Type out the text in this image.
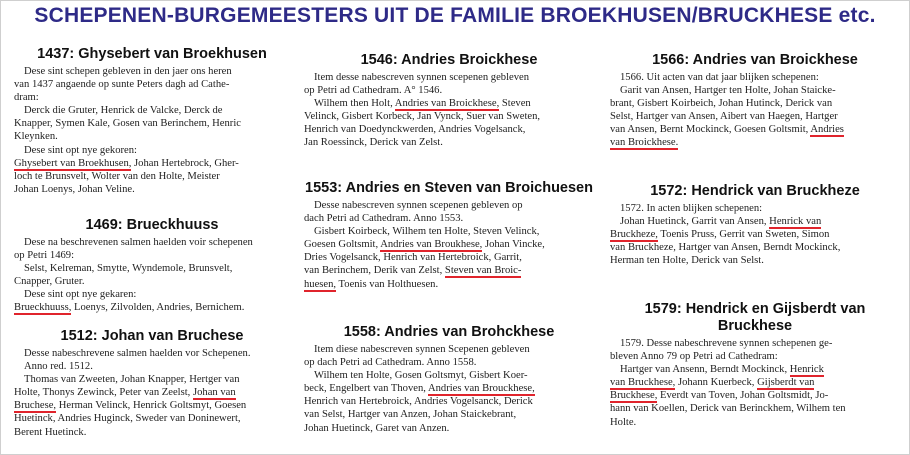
SCHEPENEN-BURGEMEESTERS UIT DE FAMILIE BROEKHUSEN/BRUCKHESE etc.
1437: Ghysebert van Broekhusen

Dese sint schepen gebleven in den jaer ons heren

van 1437 angaende op sunte Peters dagh ad Cathe-

dram:

Derck die Gruter, Henrick de Valcke, Derck de

Knapper, Symen Kale, Gosen van Berinchem, Henric

Kleynken.

Dese sint opt nye gekoren:

Ghysebert van Broekhusen, Johan Hertebrock, Gher-

loch te Brunsvelt, Wolter van den Holte, Meister

Johan Loenys, Johan Veline.

1469: Brueckhuuss

Dese na beschrevenen salmen haelden voir schepenen

op Petri 1469:

Selst, Kelreman, Smytte, Wyndemole, Brunsvelt,

Cnapper, Gruter.

Dese sint opt nye gekaren:

Brueckhuuss, Loenys, Zilvolden, Andries, Bernichem.

1512: Johan van Bruchese

Desse nabeschrevene salmen haelden vor Schepenen.

Anno red. 1512.

Thomas van Zweeten, Johan Knapper, Hertger van

Holte, Thonys Zewinck, Peter van Zeelst, Johan van

Bruchese, Herman Velinck, Henrick Goltsmyt, Goesen

Huetinck, Andries Huginck, Sweder van Doninewert,

Berent Huetinck.

1546: Andries Broickhese

Item desse nabescreven synnen scepenen gebleven

op Petri ad Cathedram. A° 1546.

Wilhem then Holt, Andries van Broickhese, Steven

Velinck, Gisbert Korbeck, Jan Vynck, Suer van Sweten,

Henrich van Doedynckwerden, Andries Vogelsanck,

Jan Roessinck, Derick van Zelst.

1553: Andries en Steven van Broichuesen

Desse nabescreven synnen scepenen gebleven op

dach Petri ad Cathedram. Anno 1553.

Gisbert Koirbeck, Wilhem ten Holte, Steven Velinck,

Goesen Goltsmit, Andries van Broukhese, Johan Vincke,

Dries Vogelsanck, Henrich van Hertebroick, Garrit,

van Berinchem, Derik van Zelst, Steven van Broic-

huesen, Toenis van Holthuesen.

1558: Andries van Brohckhese

Item diese nabescreven synnen Scepenen gebleven

op dach Petri ad Cathedram. Anno 1558.

Wilhem ten Holte, Gosen Goltsmyt, Gisbert Koer-

beck, Engelbert van Thoven, Andries van Brouckhese,

Henrich van Hertebroick, Andries Vogelsanck, Derick

van Selst, Hartger van Anzen, Johan Staickebrant,

Johan Huetinck, Garet van Anzen.

1566: Andries van Broickhese

1566. Uit acten van dat jaar blijken schepenen:

Garit van Ansen, Hartger ten Holte, Johan Staicke-

brant, Gisbert Koirbeich, Johan Hutinck, Derick van

Selst, Hartger van Ansen, Aibert van Haegen, Hartger

van Ansen, Bernt Mockinck, Goesen Goltsmit, Andries

van Broickhese.

1572: Hendrick van Bruckheze

1572. In acten blijken schepenen:

Johan Huetinck, Garrit van Ansen, Henrick van

Bruckheze, Toenis Pruss, Gerrit van Sweten, Simon

van Bruckheze, Hartger van Ansen, Berndt Mockinck,

Herman ten Holte, Derick van Selst.

1579: Hendrick en Gijsberdt van Bruckhese

1579. Desse nabeschrevene synnen schepenen ge-

bleven Anno 79 op Petri ad Cathedram:

Hartger van Ansenn, Berndt Mockinck, Henrick

van Bruckhese, Johann Kuerbeck, Gijsberdt van

Bruckhese, Everdt van Toven, Johan Goltsmidt, Jo-

hann van Koellen, Derick van Berinckhem, Wilhem ten

Holte.
